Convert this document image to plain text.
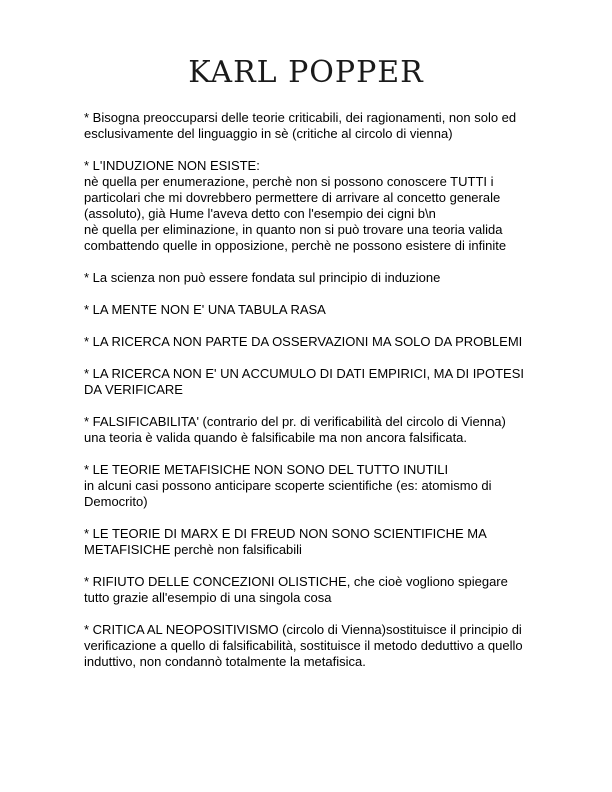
KARL POPPER
* Bisogna preoccuparsi delle teorie criticabili, dei ragionamenti, non solo ed
esclusivamente del linguaggio in sè (critiche al circolo di vienna)
* L'INDUZIONE NON ESISTE:
nè quella per enumerazione, perchè non si possono conoscere TUTTI i
particolari che mi dovrebbero permettere di arrivare al concetto generale
(assoluto), già Hume l'aveva detto con l'esempio dei cigni b\n
nè quella per eliminazione, in quanto non si può trovare una teoria valida
combattendo quelle in opposizione, perchè ne possono esistere di infinite
* La scienza non può essere fondata sul principio di induzione
* LA MENTE NON E' UNA TABULA RASA
* LA RICERCA NON PARTE DA OSSERVAZIONI MA SOLO DA PROBLEMI
* LA RICERCA NON E' UN ACCUMULO DI DATI EMPIRICI, MA DI IPOTESI
DA VERIFICARE
* FALSIFICABILITA' (contrario del pr. di verificabilità del circolo di Vienna)
una teoria è valida quando è falsificabile ma non ancora falsificata.
* LE TEORIE METAFISICHE NON SONO DEL TUTTO INUTILI
in alcuni casi possono anticipare scoperte scientifiche (es: atomismo di
Democrito)
* LE TEORIE DI MARX E DI FREUD NON SONO SCIENTIFICHE MA
METAFISICHE perchè non falsificabili
* RIFIUTO DELLE CONCEZIONI OLISTICHE, che cioè vogliono spiegare
tutto grazie all'esempio di una singola cosa
* CRITICA AL NEOPOSITIVISMO (circolo di Vienna)sostituisce il principio di
verificazione a quello di falsificabilità, sostituisce il metodo deduttivo a quello
induttivo, non condannò totalmente la metafisica.
